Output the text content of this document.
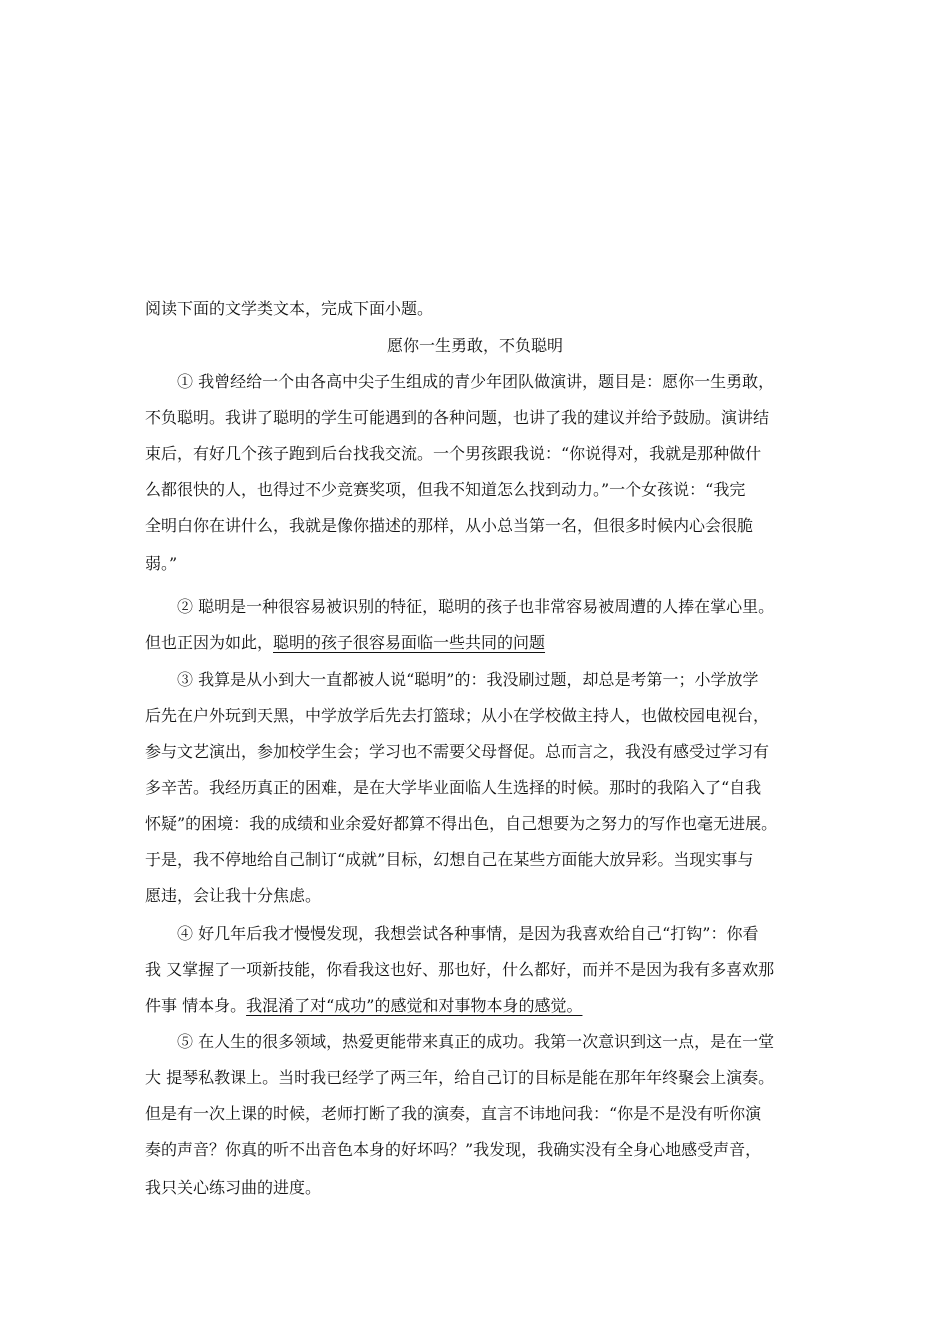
阅读下面的文学类文本，完成下面小题。
愿你一生勇敢，不负聪明
① 我曾经给一个由各高中尖子生组成的青少年团队做演讲，题目是：愿你一生勇敢，
不负聪明。我讲了聪明的学生可能遇到的各种问题，也讲了我的建议并给予鼓励。演讲结
束后，有好几个孩子跑到后台找我交流。一个男孩跟我说：“你说得对，我就是那种做什
么都很快的人，也得过不少竞赛奖项，但我不知道怎么找到动力。”一个女孩说：“我完
全明白你在讲什么，我就是像你描述的那样，从小总当第一名，但很多时候内心会很脆
弱。”
② 聪明是一种很容易被识别的特征，聪明的孩子也非常容易被周遭的人捧在掌心里。
但也正因为如此，聪明的孩子很容易面临一些共同的问题
③ 我算是从小到大一直都被人说“聪明”的：我没刷过题，却总是考第一；小学放学
后先在户外玩到天黑，中学放学后先去打篮球；从小在学校做主持人，也做校园电视台，
参与文艺演出，参加校学生会；学习也不需要父母督促。总而言之，我没有感受过学习有
多辛苦。我经历真正的困难，是在大学毕业面临人生选择的时候。那时的我陷入了“自我
怀疑”的困境：我的成绩和业余爱好都算不得出色，自己想要为之努力的写作也毫无进展。
于是，我不停地给自己制订“成就”目标，幻想自己在某些方面能大放异彩。当现实事与
愿违，会让我十分焦虑。
④ 好几年后我才慢慢发现，我想尝试各种事情，是因为我喜欢给自己“打钩”：你看
我 又掌握了一项新技能，你看我这也好、那也好，什么都好，而并不是因为我有多喜欢那
件事 情本身。我混淆了对“成功”的感觉和对事物本身的感觉。
⑤ 在人生的很多领域，热爱更能带来真正的成功。我第一次意识到这一点，是在一堂
大 提琴私教课上。当时我已经学了两三年，给自己订的目标是能在那年年终聚会上演奏。
但是有一次上课的时候，老师打断了我的演奏，直言不讳地问我：“你是不是没有听你演
奏的声音？你真的听不出音色本身的好坏吗？”我发现，我确实没有全身心地感受声音，
我只关心练习曲的进度。
